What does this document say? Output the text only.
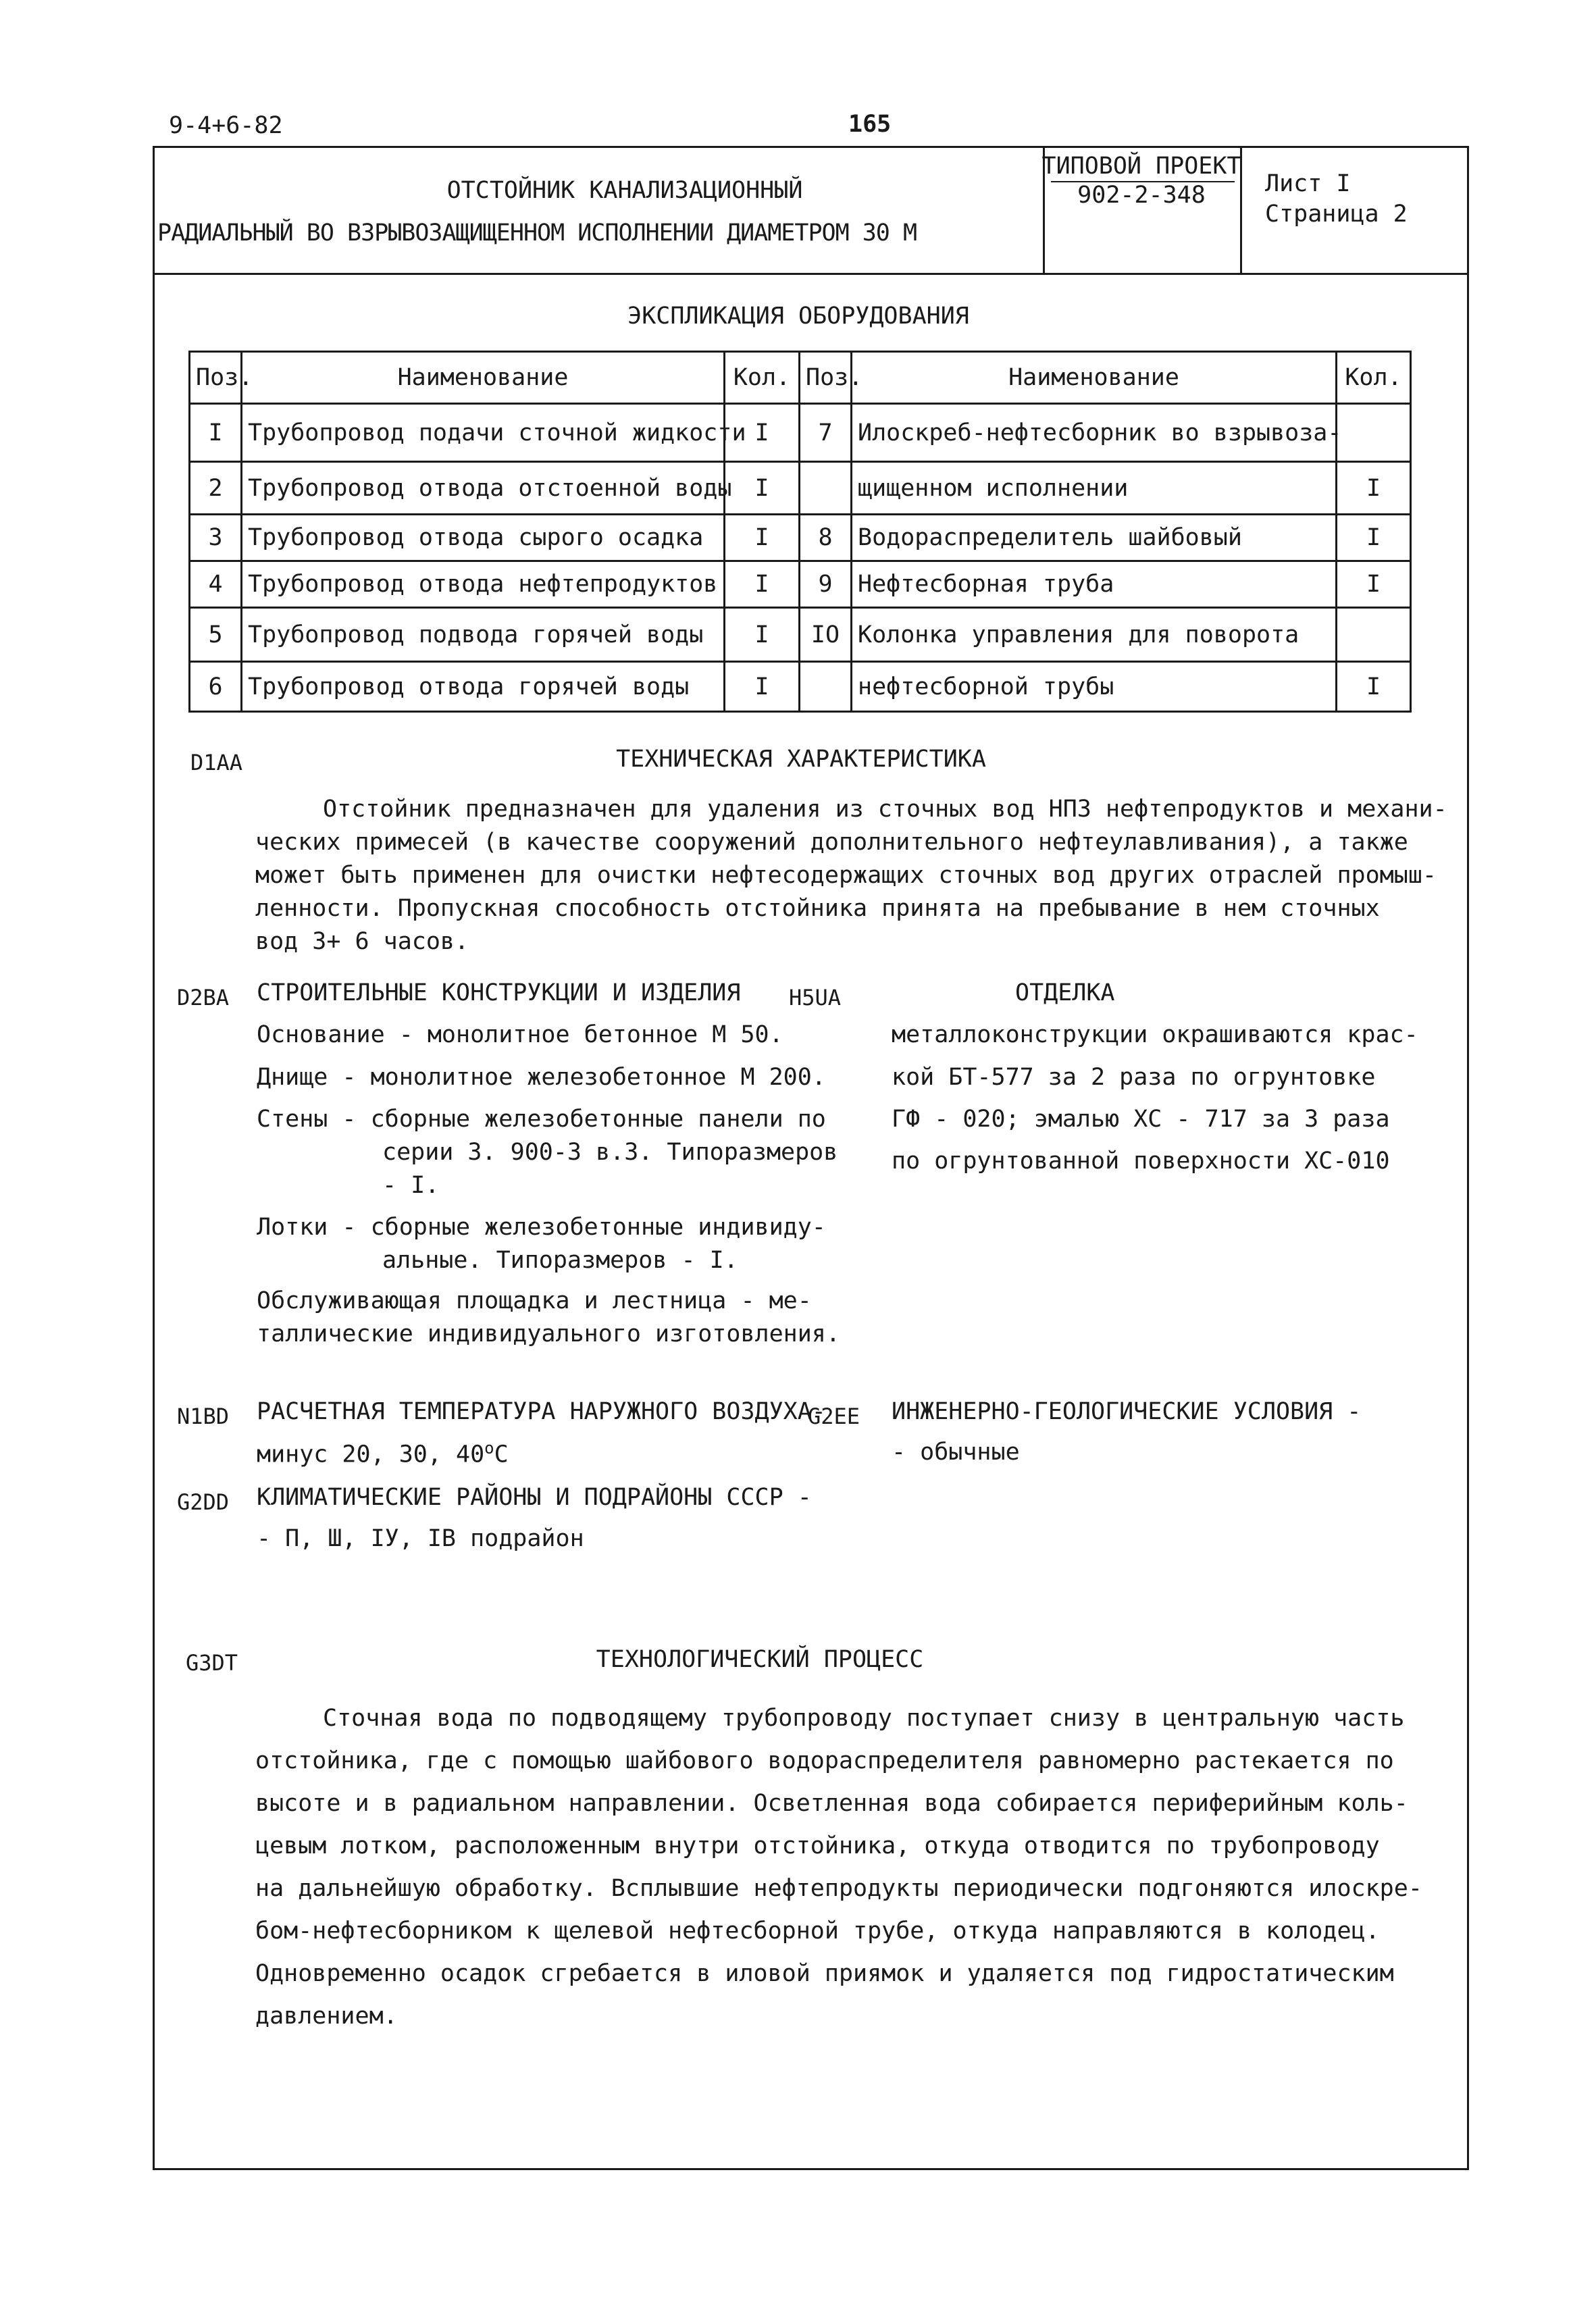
9-4+6-82	165
ОТСТОЙНИК КАНАЛИЗАЦИОННЫЙ
РАДИАЛЬНЫЙ ВО ВЗРЫВОЗАЩИЩЕННОМ ИСПОЛНЕНИИ ДИАМЕТРОМ 30 М
ТИПОВОЙ ПРОЕКТ
902-2-348	Лист I
Страница 2
ЭКСПЛИКАЦИЯ ОБОРУДОВАНИЯ
Поз.	Наименование	Кол.	Поз.	Наименование	Кол.
I	Трубопровод подачи сточной жидкости	I	7	Илоскреб-нефтесборник во взрывоза-	
2	Трубопровод отвода отстоенной воды	I		щищенном исполнении	I
3	Трубопровод отвода сырого осадка	I	8	Водораспределитель шайбовый	I
4	Трубопровод отвода нефтепродуктов	I	9	Нефтесборная труба	I
5	Трубопровод подвода горячей воды	I	IO	Колонка управления для поворота	
6	Трубопровод отвода горячей воды	I		нефтесборной трубы	I
D1AA	ТЕХНИЧЕСКАЯ ХАРАКТЕРИСТИКА
Отстойник предназначен для удаления из сточных вод НПЗ нефтепродуктов и механи-
ческих примесей (в качестве сооружений дополнительного нефтеулавливания), а также
может быть применен для очистки нефтесодержащих сточных вод других отраслей промыш-
ленности. Пропускная способность отстойника принята на пребывание в нем сточных
вод 3+ 6 часов.
D2BA СТРОИТЕЛЬНЫЕ КОНСТРУКЦИИ И ИЗДЕЛИЯ
Основание - монолитное бетонное М 50.
Днище - монолитное железобетонное М 200.
Стены - сборные железобетонные панели по
серии 3. 900-3 в.3. Типоразмеров
- I.
Лотки - сборные железобетонные индивиду-
альные. Типоразмеров - I.
Обслуживающая площадка и лестница - ме-
таллические индивидуального изготовления.
H5UA	ОТДЕЛКА
металлоконструкции окрашиваются крас-
кой БТ-577 за 2 раза по огрунтовке
ГФ - 020; эмалью ХС - 717 за 3 раза
по огрунтованной поверхности ХС-010
N1BD РАСЧЕТНАЯ ТЕМПЕРАТУРА НАРУЖНОГО ВОЗДУХА-
минус 20, 30, $40^оС$
G2DD КЛИМАТИЧЕСКИЕ РАЙОНЫ И ПОДРАЙОНЫ СССР -
- П, Ш, IУ, IВ подрайон
G2EE ИНЖЕНЕРНО-ГЕОЛОГИЧЕСКИЕ УСЛОВИЯ -
- обычные
G3DT	ТЕХНОЛОГИЧЕСКИЙ ПРОЦЕСС
Сточная вода по подводящему трубопроводу поступает снизу в центральную часть
отстойника, где с помощью шайбового водораспределителя равномерно растекается по
высоте и в радиальном направлении. Осветленная вода собирается периферийным коль-
цевым лотком, расположенным внутри отстойника, откуда отводится по трубопроводу
на дальнейшую обработку. Всплывшие нефтепродукты периодически подгоняются илоскре-
бом-нефтесборником к щелевой нефтесборной трубе, откуда направляются в колодец.
Одновременно осадок сгребается в иловой приямок и удаляется под гидростатическим
давлением.
